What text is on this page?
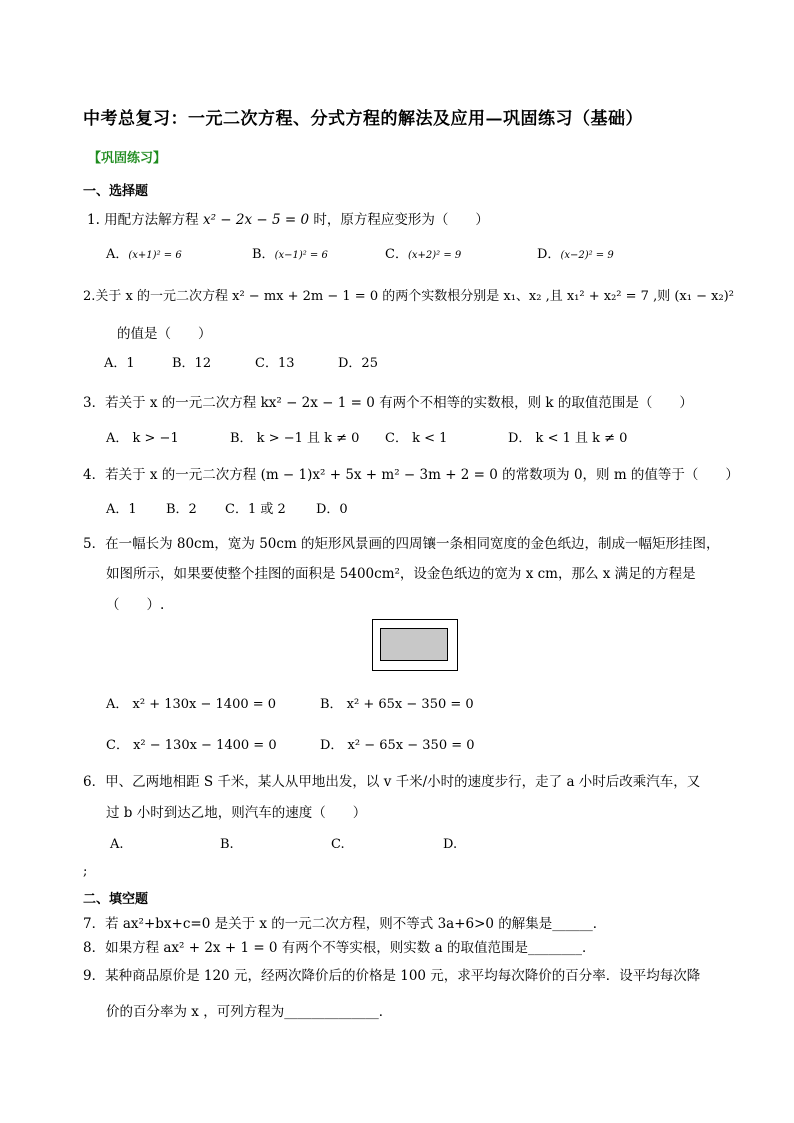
中考总复习：一元二次方程、分式方程的解法及应用—巩固练习（基础）
【巩固练习】
一、选择题
1. 用配方法解方程 x² − 2x − 5 = 0 时，原方程应变形为（　　）
A．(x+1)² = 6	B．(x−1)² = 6	C．(x+2)² = 9	D．(x−2)² = 9
2.关于 x 的一元二次方程 x² − mx + 2m − 1 = 0 的两个实数根分别是 x₁、x₂ ,且 x₁² + x₂² = 7 ,则 (x₁ − x₂)²
的值是（　　）
A．1	B．12	C．13	D．25
3．若关于 x 的一元二次方程 kx² − 2x − 1 = 0 有两个不相等的实数根，则 k 的取值范围是（　　）
A． k > −1	B． k > −1 且 k ≠ 0 C． k < 1	D． k < 1 且 k ≠ 0
4．若关于 x 的一元二次方程 (m − 1)x² + 5x + m² − 3m + 2 = 0 的常数项为 0，则 m 的值等于（　　）
A．1 B．2 C．1 或 2 D．0
5．在一幅长为 80cm，宽为 50cm 的矩形风景画的四周镶一条相同宽度的金色纸边，制成一幅矩形挂图，
如图所示，如果要使整个挂图的面积是 5400cm²，设金色纸边的宽为 x cm，那么 x 满足的方程是
（　　）.
A． x² + 130x − 1400 = 0	B． x² + 65x − 350 = 0
C． x² − 130x − 1400 = 0	D． x² − 65x − 350 = 0
6．甲、乙两地相距 S 千米，某人从甲地出发，以 v 千米/小时的速度步行，走了 a 小时后改乘汽车，又
过 b 小时到达乙地，则汽车的速度（　　）
A.	B.	C.	D.
;
二、填空题
7．若 ax²+bx+c=0 是关于 x 的一元二次方程，则不等式 3a+6>0 的解集是______．
8．如果方程 ax² + 2x + 1 = 0 有两个不等实根，则实数 a 的取值范围是________．
9．某种商品原价是 120 元，经两次降价后的价格是 100 元，求平均每次降价的百分率．设平均每次降
价的百分率为 x ，可列方程为______________．
